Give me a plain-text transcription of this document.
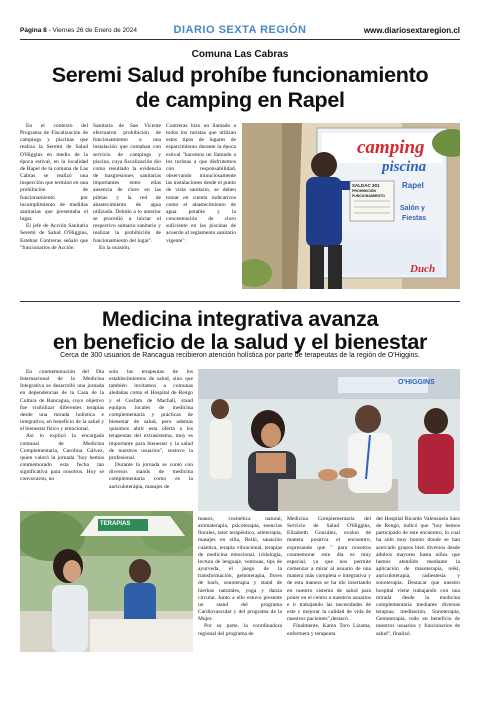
Página 8 - Viernes 26 de Enero de 2024	DIARIO SEXTA REGIÓN	www.diariosextaregion.cl
Comuna Las Cabras
Seremi Salud prohíbe funcionamiento
de camping en Rapel

En el contexto del Programa de Fiscalización de campings y piscinas que realiza la Seremi de Salud O'Higgins en medio de la época estival, en la localidad de Rapel de la comuna de Las Cabras se realizó una inspección que terminó en una prohibición de funcionamiento por incumplimiento de medidas sanitarias que presentaba el lugar.

El jefe de Acción Sanitaria Seremi de Salud O'Higgins, Esteban Contreras señaló que "funcionarios de Acción

Sanitaria de San Vicente efectuaron prohibición de funcionamiento a una instalación que contaban con servicio de campings y piscina, cuya fiscalización dio como resultado la evidencia de trasgresiones sanitarias importantes entre ellas ausencia de cloro en las piletas y la red de abastecimiento de agua utilizada. Debido a lo anterior se procedió a iniciar el respectivo sumario sanitario y realizar la prohibición de funcionamiento del lugar".

En la ocasión,

Contreras hizo un llamado a todos los turistas que utilizan estos tipos de lugares de esparcimiento durante la época estival "hacemos un llamado a los turistas a que disfrutemos con responsabilidad, observando minuciosamente las instalaciones desde el punto de vista sanitario, se deben tomar en cuenta indicativos como el abastecimiento de agua potable y la concentración de cloro suficiente en las piscinas de acuerdo al reglamento sanitario vigente".

camping
piscina
Rapel
Salón y
Fiestas
SALDAC 301
PROHIBICIÓN
FUNCIONAMIENTO
Duch
Medicina integrativa avanza
en beneficio de la salud y el bienestar
Cerca de 300 usuarios de Rancagua recibieron atención holística por parte de terapeutas de la región de O'Higgins.

En conmemoración del Día Internacional de la Medicina Integrativa se desarrolló una jornada en dependencias de la Casa de la Cultura de Rancagua, cuyo objetivo fue visibilizar diferentes terapias desde una mirada holística e integrativa, en beneficio de la salud y el bienestar físico y emocional.

Así lo explicó la encargada comunal de Medicina Complementaria, Carolina Gálvez, quien valoró la jornada "hoy hemos conmemorado esta fecha tan significativa para nosotros. Hoy se convocaron, no

solo las terapeutas de los establecimientos de salud, sino que también invitamos a comunas aledañas como el Hospital de Rengo y el Cesfam de Machalí, stand equipos locales de medicina complementaria y prácticas de bienestar de salud, pero además quisimos abrir esta oferta a los terapeutas del extrasistema, muy es importante para bienestar y la salud de nuestros usuarios", sostuvo la profesional.

Durante la jornada se contó con diversos stands de medicina complementaria como es la auriculoterapia, masajes de

O'HIGGINS
TERAPIAS

manos, cosmética natural, aromaterapia, psicoterapia, esencias florales, tarot terapéutico, arteterapia, masajes en silla, Reiki, sanación cuántica, terapia vibracional, terapias de medicina emocional, iridología, lectura de lenguaje, ventosas, tips de ayurveda, el juego de la transformación, gemoterapia, flores de bach, sonoterapia y stand de hierbas naturales, yoga y danza circular. Junto a ello estuvo presente un stand del programa Cardiovascular y del programa de la Mujer.

Por su parte, la coordinadora regional del programa de

Medicina Complementaria del Servicio de Salud O'Higgins, Elizabeth González, evaluó de manera positiva el encuentro, expresando que " para nosotros conmemorar este día es muy especial, ya que nos permite comenzar a mirar al usuario de una manera más completa e integrativa y de esta manera se ha ido insertando en nuestro sistema de salud para poner en el centro a nuestros usuarios e ir trabajando las necesidades de este y mejorar la calidad de vida de nuestros pacientes",destacó.

Finalmente, Karen Toro Lizama, enfermera y terapeuta

del Hospital Ricardo Valenzuela Sáez de Rengo, indicó que "hoy hemos participado de este encuentro, lo cual ha sido muy bonito donde se han acercado grupos bien diversos desde adultos mayores hasta niños que hemos atendido mediante la aplicación de masoterapia, reiki, auriculoterapia, radiestesia y sonoterapia. Destacar que nuestro hospital viene trabajando con una mirada desde la medicina complementaria mediante diversas terapias; meditación, Sonoterapia, Gemoterapia, todo en beneficio de nuestros usuarios y funcionarios de salud", finalizó.
